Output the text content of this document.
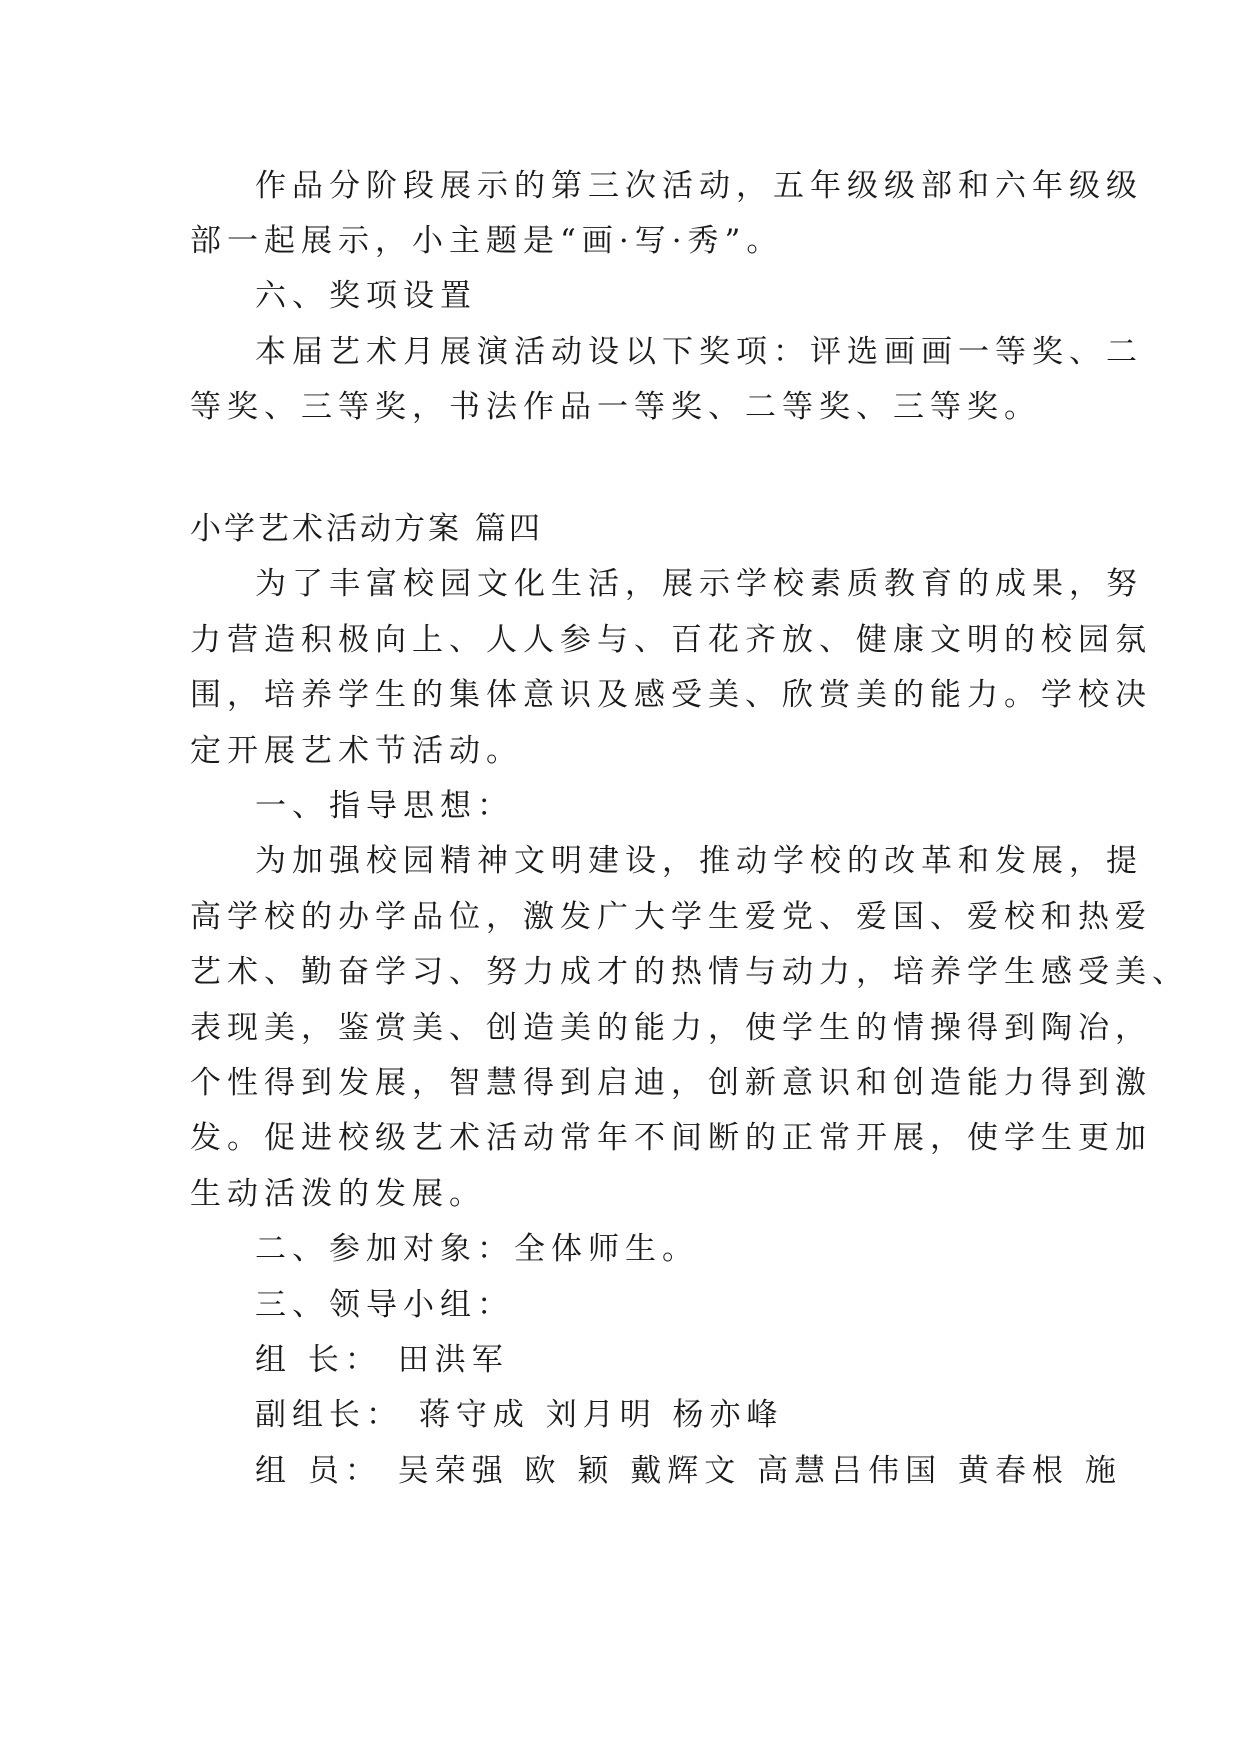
作品分阶段展示的第三次活动，五年级级部和六年级级
部一起展示，小主题是“画·写·秀”。
六、奖项设置
本届艺术月展演活动设以下奖项：评选画画一等奖、二
等奖、三等奖，书法作品一等奖、二等奖、三等奖。
小学艺术活动方案 篇四
为了丰富校园文化生活，展示学校素质教育的成果，努
力营造积极向上、人人参与、百花齐放、健康文明的校园氛
围，培养学生的集体意识及感受美、欣赏美的能力。学校决
定开展艺术节活动。
一、指导思想：
为加强校园精神文明建设，推动学校的改革和发展，提
高学校的办学品位，激发广大学生爱党、爱国、爱校和热爱
艺术、勤奋学习、努力成才的热情与动力，培养学生感受美、
表现美，鉴赏美、创造美的能力，使学生的情操得到陶冶，
个性得到发展，智慧得到启迪，创新意识和创造能力得到激
发。促进校级艺术活动常年不间断的正常开展，使学生更加
生动活泼的发展。
二、参加对象：全体师生。
三、领导小组：
组 长： 田洪军
副组长： 蒋守成 刘月明 杨亦峰
组 员： 吴荣强 欧 颖 戴辉文 高慧吕伟国 黄春根 施
